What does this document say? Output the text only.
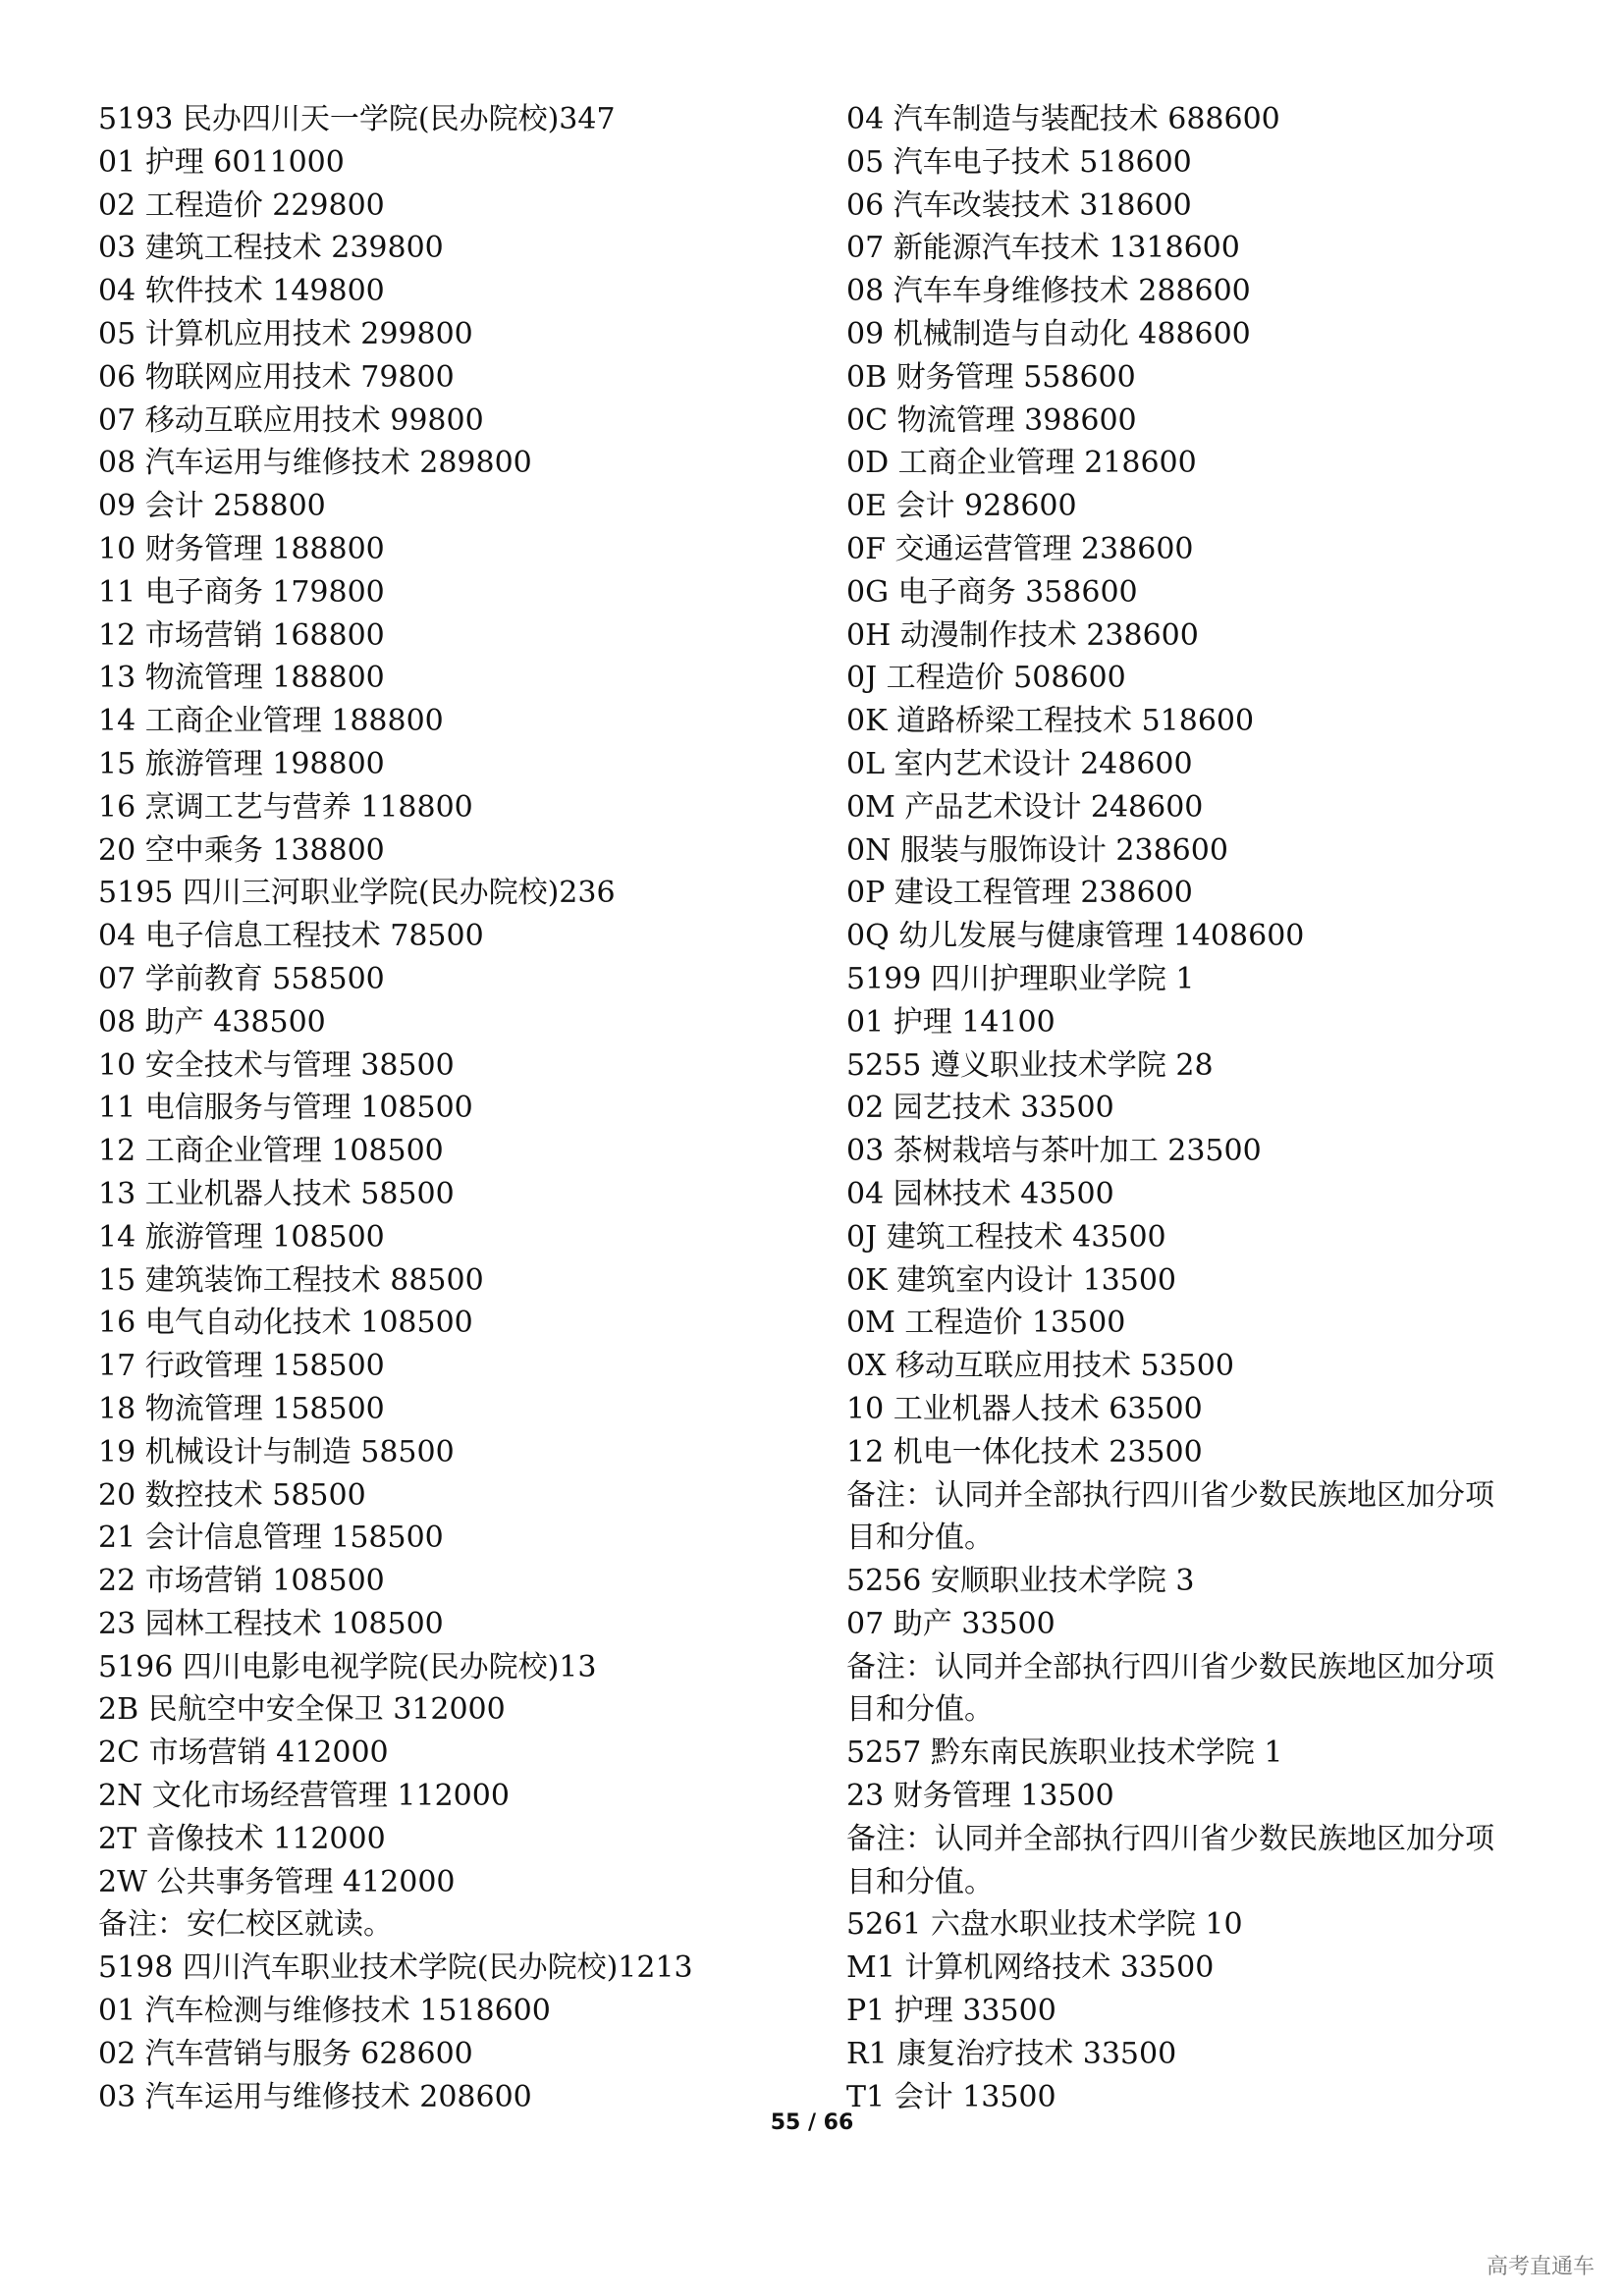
5193 民办四川天一学院(民办院校)347
01 护理 6011000
02 工程造价 229800
03 建筑工程技术 239800
04 软件技术 149800
05 计算机应用技术 299800
06 物联网应用技术 79800
07 移动互联应用技术 99800
08 汽车运用与维修技术 289800
09 会计 258800
10 财务管理 188800
11 电子商务 179800
12 市场营销 168800
13 物流管理 188800
14 工商企业管理 188800
15 旅游管理 198800
16 烹调工艺与营养 118800
20 空中乘务 138800
5195 四川三河职业学院(民办院校)236
04 电子信息工程技术 78500
07 学前教育 558500
08 助产 438500
10 安全技术与管理 38500
11 电信服务与管理 108500
12 工商企业管理 108500
13 工业机器人技术 58500
14 旅游管理 108500
15 建筑装饰工程技术 88500
16 电气自动化技术 108500
17 行政管理 158500
18 物流管理 158500
19 机械设计与制造 58500
20 数控技术 58500
21 会计信息管理 158500
22 市场营销 108500
23 园林工程技术 108500
5196 四川电影电视学院(民办院校)13
2B 民航空中安全保卫 312000
2C 市场营销 412000
2N 文化市场经营管理 112000
2T 音像技术 112000
2W 公共事务管理 412000
备注：安仁校区就读。
5198 四川汽车职业技术学院(民办院校)1213
01 汽车检测与维修技术 1518600
02 汽车营销与服务 628600
03 汽车运用与维修技术 208600
04 汽车制造与装配技术 688600
05 汽车电子技术 518600
06 汽车改装技术 318600
07 新能源汽车技术 1318600
08 汽车车身维修技术 288600
09 机械制造与自动化 488600
0B 财务管理 558600
0C 物流管理 398600
0D 工商企业管理 218600
0E 会计 928600
0F 交通运营管理 238600
0G 电子商务 358600
0H 动漫制作技术 238600
0J 工程造价 508600
0K 道路桥梁工程技术 518600
0L 室内艺术设计 248600
0M 产品艺术设计 248600
0N 服装与服饰设计 238600
0P 建设工程管理 238600
0Q 幼儿发展与健康管理 1408600
5199 四川护理职业学院 1
01 护理 14100
5255 遵义职业技术学院 28
02 园艺技术 33500
03 茶树栽培与茶叶加工 23500
04 园林技术 43500
0J 建筑工程技术 43500
0K 建筑室内设计 13500
0M 工程造价 13500
0X 移动互联应用技术 53500
10 工业机器人技术 63500
12 机电一体化技术 23500
备注：认同并全部执行四川省少数民族地区加分项
目和分值。
5256 安顺职业技术学院 3
07 助产 33500
备注：认同并全部执行四川省少数民族地区加分项
目和分值。
5257 黔东南民族职业技术学院 1
23 财务管理 13500
备注：认同并全部执行四川省少数民族地区加分项
目和分值。
5261 六盘水职业技术学院 10
M1 计算机网络技术 33500
P1 护理 33500
R1 康复治疗技术 33500
T1 会计 13500
55 / 66
高考直通车
